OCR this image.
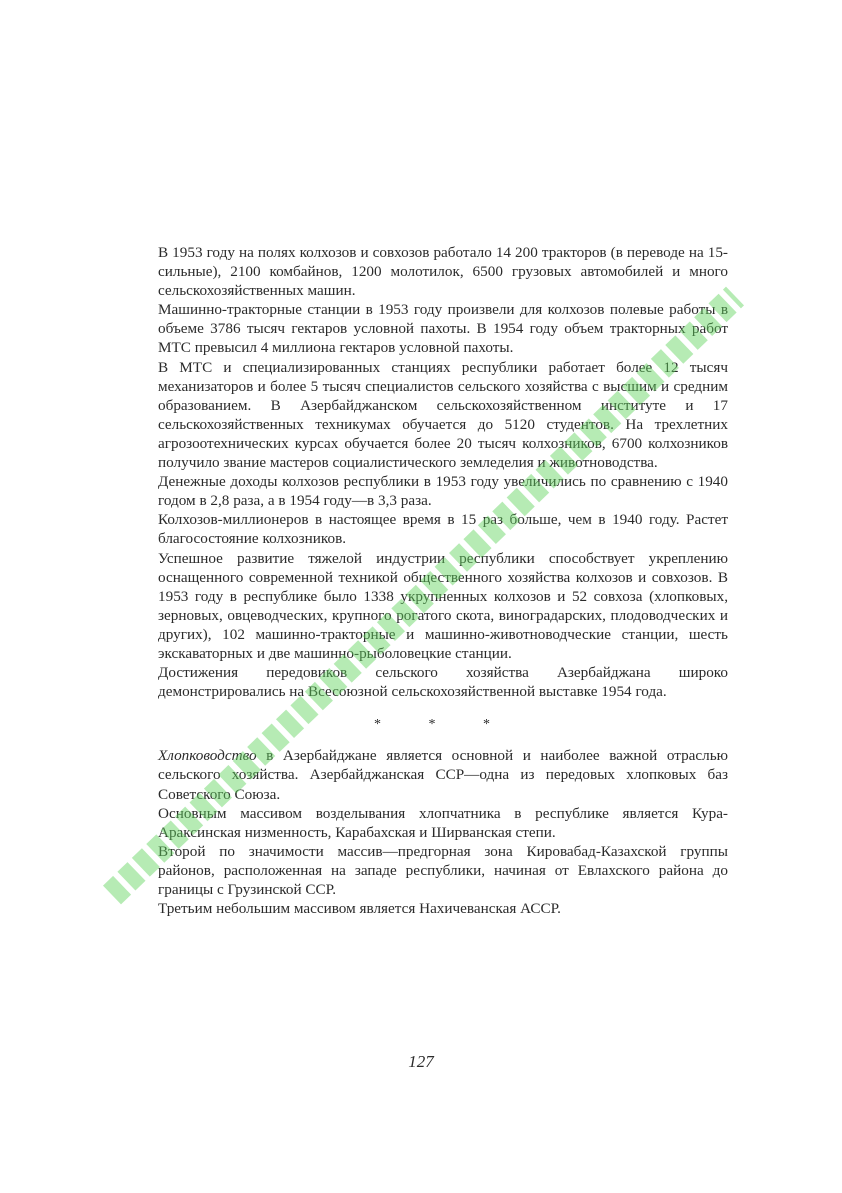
В 1953 году на полях колхозов и совхозов работало 14 200 тракторов (в переводе на 15-сильные), 2100 комбайнов, 1200 молотилок, 6500 грузовых автомобилей и много сельскохозяйственных машин.

Машинно-тракторные станции в 1953 году произвели для колхозов полевые работы в объеме 3786 тысяч гектаров условной пахоты. В 1954 году объем тракторных работ МТС превысил 4 миллиона гектаров условной пахоты.

В МТС и специализированных станциях республики работает более 12 тысяч механизаторов и более 5 тысяч специалистов сельского хозяйства с высшим и средним образованием. В Азербайджанском сельскохозяйственном институте и 17 сельскохозяйственных техникумах обучается до 5120 студентов. На трехлетних агрозоотехнических курсах обучается более 20 тысяч колхозников, 6700 колхозников получило звание мастеров социалистического земледелия и животноводства.

Денежные доходы колхозов республики в 1953 году увеличились по сравнению с 1940 годом в 2,8 раза, а в 1954 году—в 3,3 раза.

Колхозов-миллионеров в настоящее время в 15 раз больше, чем в 1940 году. Растет благосостояние колхозников.

Успешное развитие тяжелой индустрии республики способствует укреплению оснащенного современной техникой общественного хозяйства колхозов и совхозов. В 1953 году в республике было 1338 укрупненных колхозов и 52 совхоза (хлопковых, зерновых, овцеводческих, крупного рогатого скота, виноградарских, плодоводческих и других), 102 машинно-тракторные и машинно-животноводческие станции, шесть экскаваторных и две машинно-рыболовецкие станции.

Достижения передовиков сельского хозяйства Азербайджана широко демонстрировались на Всесоюзной сельскохозяйственной выставке 1954 года.

* * *

Хлопководство в Азербайджане является основной и наиболее важной отраслью сельского хозяйства. Азербайджанская ССР—одна из передовых хлопковых баз Советского Союза.

Основным массивом возделывания хлопчатника в республике является Кура-Араксинская низменность, Карабахская и Ширванская степи.

Второй по значимости массив—предгорная зона Кировабад-Казахской группы районов, расположенная на западе республики, начиная от Евлахского района до границы с Грузинской ССР.

Третьим небольшим массивом является Нахичеванская АССР.

127
